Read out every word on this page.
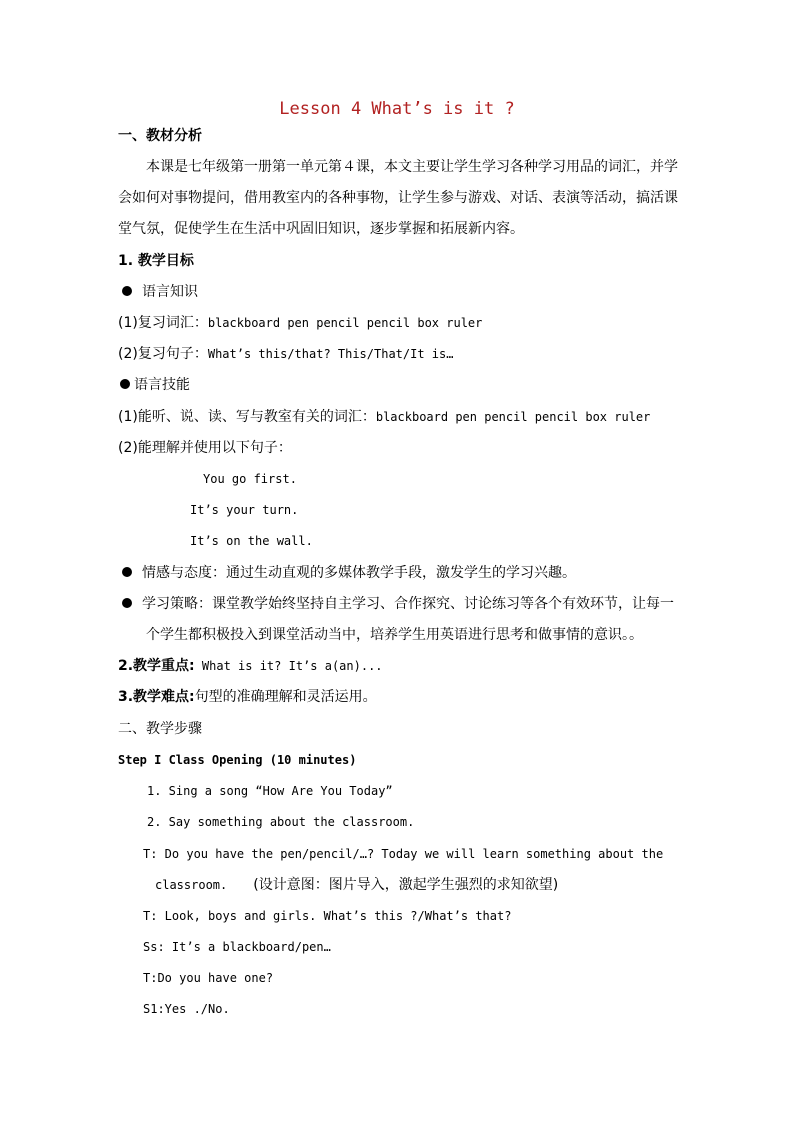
Lesson 4 What’s is it ?
一、教材分析
本课是七年级第一册第一单元第４课，本文主要让学生学习各种学习用品的词汇，并学
会如何对事物提问，借用教室内的各种事物，让学生参与游戏、对话、表演等活动，搞活课
堂气氛，促使学生在生活中巩固旧知识，逐步掌握和拓展新内容。
1. 教学目标
语言知识
(1)复习词汇：blackboard pen pencil pencil box ruler
(2)复习句子：What’s this/that? This/That/It is…
语言技能
(1)能听、说、读、写与教室有关的词汇：blackboard pen pencil pencil box ruler
(2)能理解并使用以下句子：
You go first.
It’s your turn.
It’s on the wall.
情感与态度：通过生动直观的多媒体教学手段，激发学生的学习兴趣。
学习策略：课堂教学始终坚持自主学习、合作探究、讨论练习等各个有效环节，让每一
个学生都积极投入到课堂活动当中，培养学生用英语进行思考和做事情的意识。。
2.教学重点: What is it? It’s a(an)...
3.教学难点:句型的准确理解和灵活运用。
二、教学步骤
Step I Class Opening (10 minutes)
1. Sing a song “How Are You Today”
2. Say something about the classroom.
T: Do you have the pen/pencil/…? Today we will learn something about the
classroom. (设计意图：图片导入，激起学生强烈的求知欲望)
T: Look, boys and girls. What’s this ?/What’s that?
Ss: It’s a blackboard/pen…
T:Do you have one?
S1:Yes ./No.
